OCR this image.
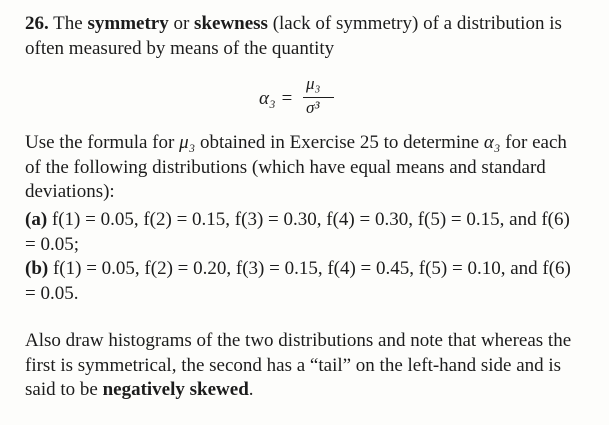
26. The symmetry or skewness (lack of symmetry) of a distribution is often measured by means of the quantity

α₃ =
μ₃
σ³

Use the formula for μ₃ obtained in Exercise 25 to determine α₃ for each of the following distributions (which have equal means and standard deviations):

(a) f(1) = 0.05, f(2) = 0.15, f(3) = 0.30, f(4) = 0.30, f(5) = 0.15, and f(6) = 0.05;

(b) f(1) = 0.05, f(2) = 0.20, f(3) = 0.15, f(4) = 0.45, f(5) = 0.10, and f(6) = 0.05.

Also draw histograms of the two distributions and note that whereas the first is symmetrical, the second has a “tail” on the left-hand side and is said to be negatively skewed.
